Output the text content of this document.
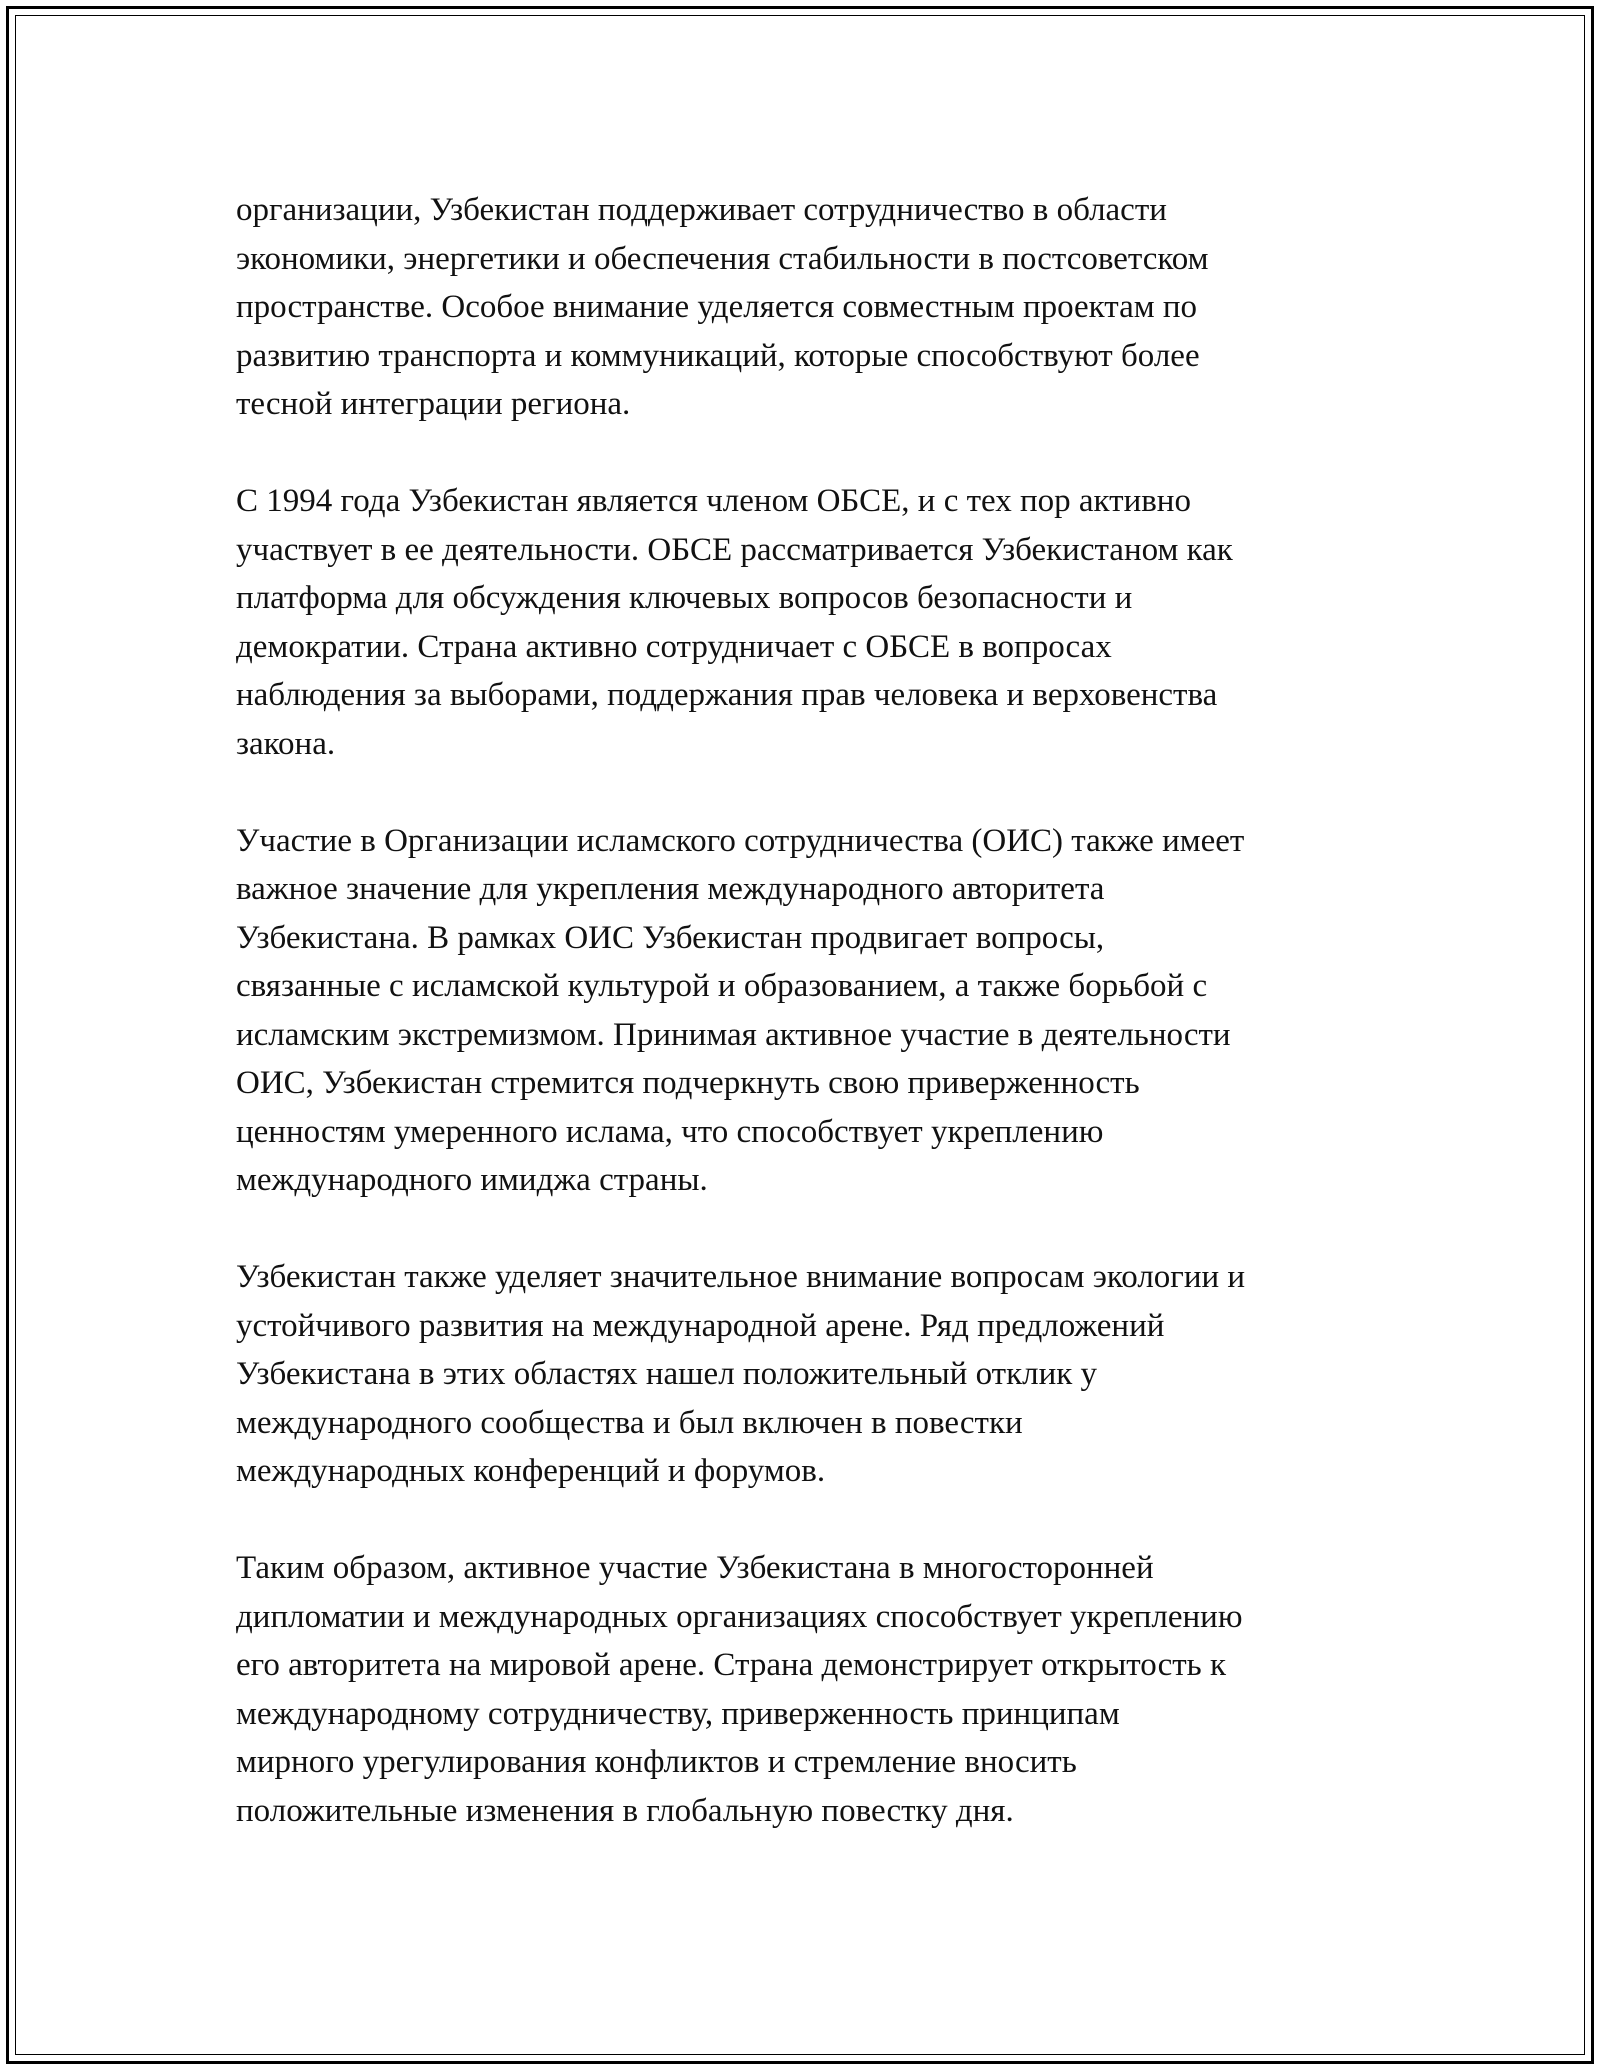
организации, Узбекистан поддерживает сотрудничество в области
экономики, энергетики и обеспечения стабильности в постсоветском
пространстве. Особое внимание уделяется совместным проектам по
развитию транспорта и коммуникаций, которые способствуют более
тесной интеграции региона.

С 1994 года Узбекистан является членом ОБСЕ, и с тех пор активно
участвует в ее деятельности. ОБСЕ рассматривается Узбекистаном как
платформа для обсуждения ключевых вопросов безопасности и
демократии. Страна активно сотрудничает с ОБСЕ в вопросах
наблюдения за выборами, поддержания прав человека и верховенства
закона.

Участие в Организации исламского сотрудничества (ОИС) также имеет
важное значение для укрепления международного авторитета
Узбекистана. В рамках ОИС Узбекистан продвигает вопросы,
связанные с исламской культурой и образованием, а также борьбой с
исламским экстремизмом. Принимая активное участие в деятельности
ОИС, Узбекистан стремится подчеркнуть свою приверженность
ценностям умеренного ислама, что способствует укреплению
международного имиджа страны.

Узбекистан также уделяет значительное внимание вопросам экологии и
устойчивого развития на международной арене. Ряд предложений
Узбекистана в этих областях нашел положительный отклик у
международного сообщества и был включен в повестки
международных конференций и форумов.

Таким образом, активное участие Узбекистана в многосторонней
дипломатии и международных организациях способствует укреплению
его авторитета на мировой арене. Страна демонстрирует открытость к
международному сотрудничеству, приверженность принципам
мирного урегулирования конфликтов и стремление вносить
положительные изменения в глобальную повестку дня.
